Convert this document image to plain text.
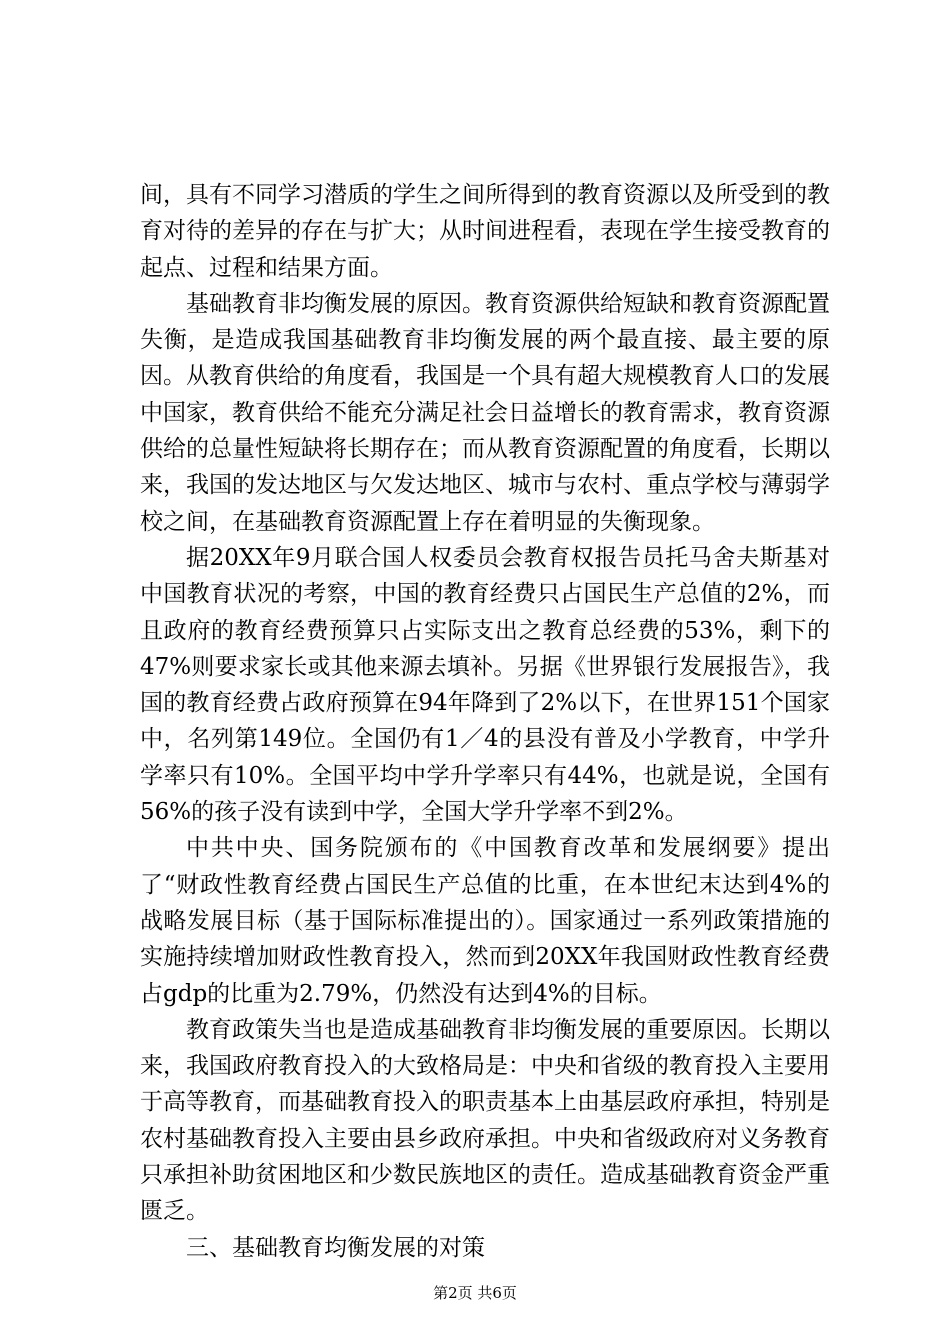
间，具有不同学习潜质的学生之间所得到的教育资源以及所受到的教育对待的差异的存在与扩大；从时间进程看，表现在学生接受教育的起点、过程和结果方面。

基础教育非均衡发展的原因。教育资源供给短缺和教育资源配置失衡，是造成我国基础教育非均衡发展的两个最直接、最主要的原因。从教育供给的角度看，我国是一个具有超大规模教育人口的发展中国家，教育供给不能充分满足社会日益增长的教育需求，教育资源供给的总量性短缺将长期存在；而从教育资源配置的角度看，长期以来，我国的发达地区与欠发达地区、城市与农村、重点学校与薄弱学校之间，在基础教育资源配置上存在着明显的失衡现象。

据20XX年9月联合国人权委员会教育权报告员托马舍夫斯基对中国教育状况的考察，中国的教育经费只占国民生产总值的2%，而且政府的教育经费预算只占实际支出之教育总经费的53%，剩下的47%则要求家长或其他来源去填补。另据《世界银行发展报告》，我国的教育经费占政府预算在94年降到了2%以下，在世界151个国家中，名列第149位。全国仍有1／4的县没有普及小学教育，中学升学率只有10%。全国平均中学升学率只有44%，也就是说，全国有56%的孩子没有读到中学，全国大学升学率不到2%。

中共中央、国务院颁布的《中国教育改革和发展纲要》提出了“财政性教育经费占国民生产总值的比重，在本世纪末达到4%的战略发展目标（基于国际标准提出的）。国家通过一系列政策措施的实施持续增加财政性教育投入，然而到20XX年我国财政性教育经费占gdp的比重为2.79%，仍然没有达到4%的目标。

教育政策失当也是造成基础教育非均衡发展的重要原因。长期以来，我国政府教育投入的大致格局是：中央和省级的教育投入主要用于高等教育，而基础教育投入的职责基本上由基层政府承担，特别是农村基础教育投入主要由县乡政府承担。中央和省级政府对义务教育只承担补助贫困地区和少数民族地区的责任。造成基础教育资金严重匮乏。

三、基础教育均衡发展的对策

第2页 共6页
